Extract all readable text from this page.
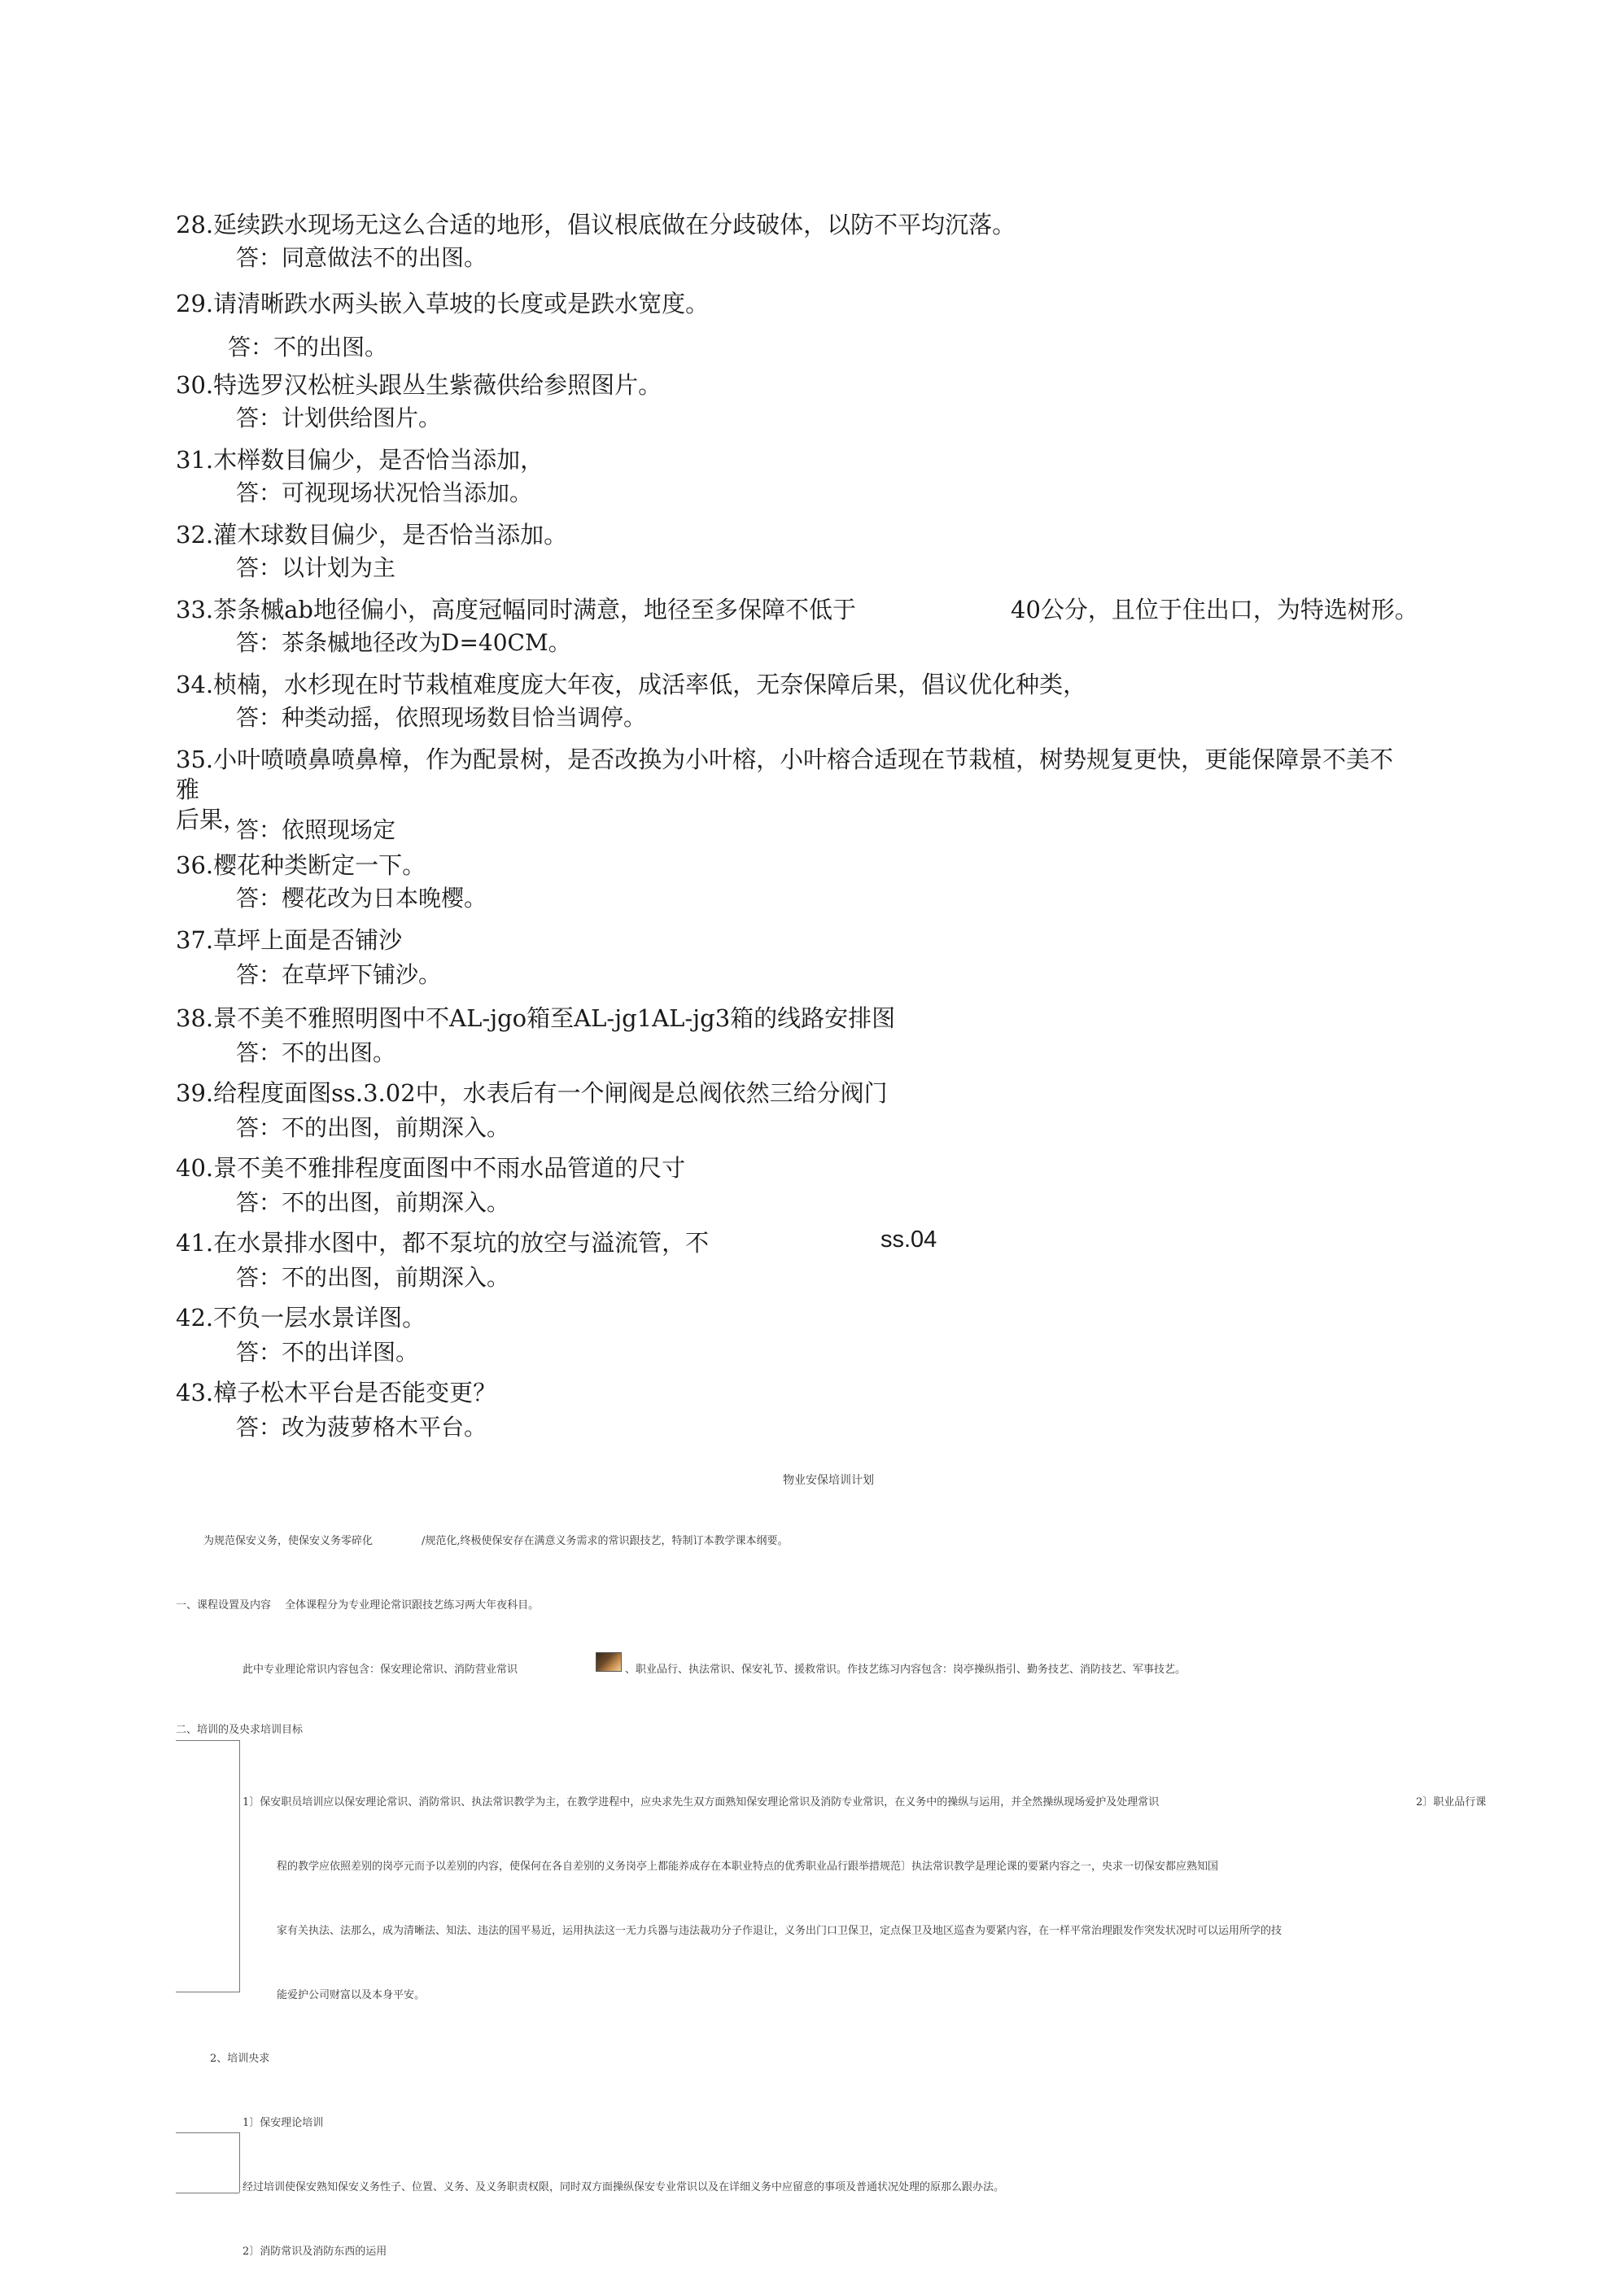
28.延续跌水现场无这么合适的地形，倡议根底做在分歧破体，以防不平均沉落。
答：同意做法不的出图。
29.请清晰跌水两头嵌入草坡的长度或是跌水宽度。
答：不的出图。
30.特选罗汉松桩头跟丛生紫薇供给参照图片。
答：计划供给图片。
31.木榉数目偏少，是否恰当添加，
答：可视现场状况恰当添加。
32.灌木球数目偏少，是否恰当添加。
答：以计划为主
33.茶条槭ab地径偏小，高度冠幅同时满意，地径至多保障不低于	40公分，且位于住出口，为特选树形。
答：茶条槭地径改为D=40CM。
34.桢楠，水杉现在时节栽植难度庞大年夜，成活率低，无奈保障后果，倡议优化种类，
答：种类动摇，依照现场数目恰当调停。
35.小叶喷喷鼻喷鼻樟，作为配景树，是否改换为小叶榕，小叶榕合适现在节栽植，树势规复更快，更能保障景不美不
雅
后果，
答：依照现场定
36.樱花种类断定一下。
答：樱花改为日本晚樱。
37.草坪上面是否铺沙
答：在草坪下铺沙。
38.景不美不雅照明图中不AL-jgo箱至AL-jg1AL-jg3箱的线路安排图
答：不的出图。
39.给程度面图ss.3.02中，水表后有一个闸阀是总阀依然三给分阀门
答：不的出图，前期深入。
40.景不美不雅排程度面图中不雨水品管道的尺寸
答：不的出图，前期深入。
41.在水景排水图中，都不泵坑的放空与溢流管，不	ss.04
答：不的出图，前期深入。
42.不负一层水景详图。
答：不的出详图。
43.樟子松木平台是否能变更？
答：改为菠萝格木平台。
物业安保培训计划
为规范保安义务，使保安义务零碎化	/规范化,终极使保安存在满意义务需求的常识跟技艺，特制订本教学课本纲要。
一、课程设置及内容　 全体课程分为专业理论常识跟技艺练习两大年夜科目。
此中专业理论常识内容包含：保安理论常识、消防营业常识	、职业品行、执法常识、保安礼节、援救常识。作技艺练习内容包含：岗亭操纵指引、勤务技艺、消防技艺、军事技艺。
二、培训的及央求培训目标
1〕保安职员培训应以保安理论常识、消防常识、执法常识教学为主，在教学进程中，应央求先生双方面熟知保安理论常识及消防专业常识，在义务中的操纵与运用，并全然操纵现场爱护及处理常识	2〕职业品行课
程的教学应依照差别的岗亭元而予以差别的内容，使保何在各自差别的义务岗亭上都能养成存在本职业特点的优秀职业品行跟举措规范〕执法常识教学是理论课的要紧内容之一，央求一切保安都应熟知国
家有关执法、法那么，成为清晰法、知法、违法的国平易近，运用执法这一无力兵器与违法裁功分子作退让，义务出门口卫保卫，定点保卫及地区巡查为要紧内容，在一样平常治理跟发作突发状况时可以运用所学的技
能爱护公司财富以及本身平安。
2、培训央求
1〕保安理论培训
经过培训使保安熟知保安义务性子、位置、义务、及义务职责权限，同时双方面操纵保安专业常识以及在详细义务中应留意的事项及普通状况处理的原那么跟办法。
2〕消防常识及消防东西的运用
